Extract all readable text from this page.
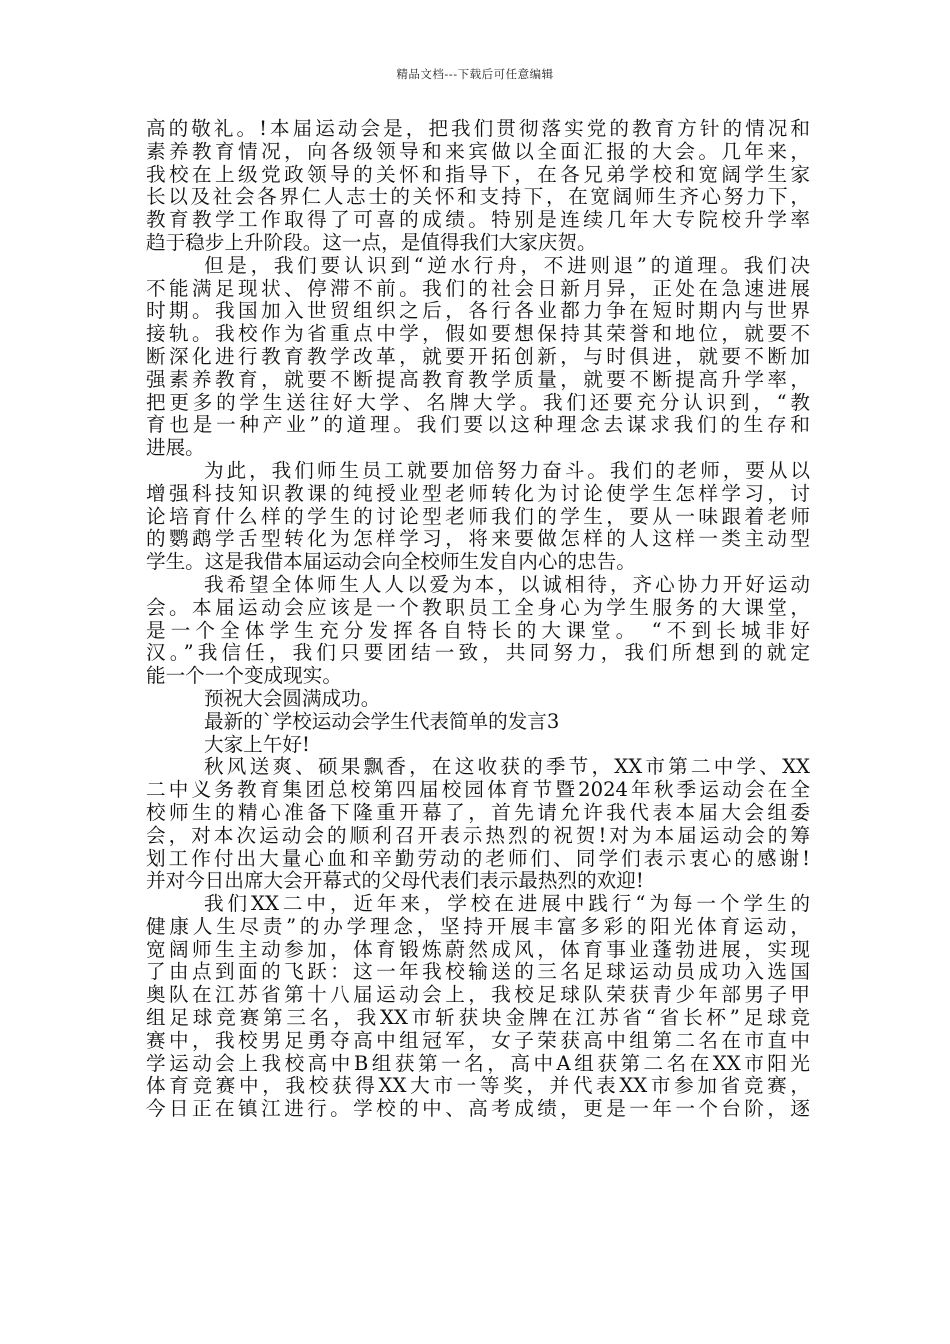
精品文档---下载后可任意编辑
高的敬礼。!本届运动会是，把我们贯彻落实党的教育方针的情况和
素养教育情况，向各级领导和来宾做以全面汇报的大会。几年来，
我校在上级党政领导的关怀和指导下，在各兄弟学校和宽阔学生家
长以及社会各界仁人志士的关怀和支持下，在宽阔师生齐心努力下，
教育教学工作取得了可喜的成绩。特别是连续几年大专院校升学率
趋于稳步上升阶段。这一点，是值得我们大家庆贺。
但是，我们要认识到“逆水行舟，不进则退”的道理。我们决
不能满足现状、停滞不前。我们的社会日新月异，正处在急速进展
时期。我国加入世贸组织之后，各行各业都力争在短时期内与世界
接轨。我校作为省重点中学，假如要想保持其荣誉和地位，就要不
断深化进行教育教学改革，就要开拓创新，与时俱进，就要不断加
强素养教育，就要不断提高教育教学质量，就要不断提高升学率，
把更多的学生送往好大学、名牌大学。我们还要充分认识到，“教
育也是一种产业”的道理。我们要以这种理念去谋求我们的生存和
进展。
为此，我们师生员工就要加倍努力奋斗。我们的老师，要从以
增强科技知识教课的纯授业型老师转化为讨论使学生怎样学习，讨
论培育什么样的学生的讨论型老师我们的学生，要从一味跟着老师
的鹦鹉学舌型转化为怎样学习，将来要做怎样的人这样一类主动型
学生。这是我借本届运动会向全校师生发自内心的忠告。
我希望全体师生人人以爱为本，以诚相待，齐心协力开好运动
会。本届运动会应该是一个教职员工全身心为学生服务的大课堂，
是一个全体学生充分发挥各自特长的大课堂。 “不到长城非好
汉。”我信任，我们只要团结一致，共同努力，我们所想到的就定
能一个一个变成现实。
预祝大会圆满成功。
最新的`学校运动会学生代表简单的发言3
大家上午好!
秋风送爽、硕果飘香，在这收获的季节，XX市第二中学、XX
二中义务教育集团总校第四届校园体育节暨2024年秋季运动会在全
校师生的精心准备下隆重开幕了，首先请允许我代表本届大会组委
会，对本次运动会的顺利召开表示热烈的祝贺!对为本届运动会的筹
划工作付出大量心血和辛勤劳动的老师们、同学们表示衷心的感谢!
并对今日出席大会开幕式的父母代表们表示最热烈的欢迎!
我们XX二中，近年来，学校在进展中践行“为每一个学生的
健康人生尽责”的办学理念，坚持开展丰富多彩的阳光体育运动，
宽阔师生主动参加，体育锻炼蔚然成风，体育事业蓬勃进展，实现
了由点到面的飞跃：这一年我校输送的三名足球运动员成功入选国
奥队在江苏省第十八届运动会上，我校足球队荣获青少年部男子甲
组足球竞赛第三名，我XX市斩获块金牌在江苏省“省长杯”足球竞
赛中，我校男足勇夺高中组冠军，女子荣获高中组第二名在市直中
学运动会上我校高中B组获第一名，高中A组获第二名在XX市阳光
体育竞赛中，我校获得XX大市一等奖，并代表XX市参加省竞赛，
今日正在镇江进行。学校的中、高考成绩，更是一年一个台阶，逐
